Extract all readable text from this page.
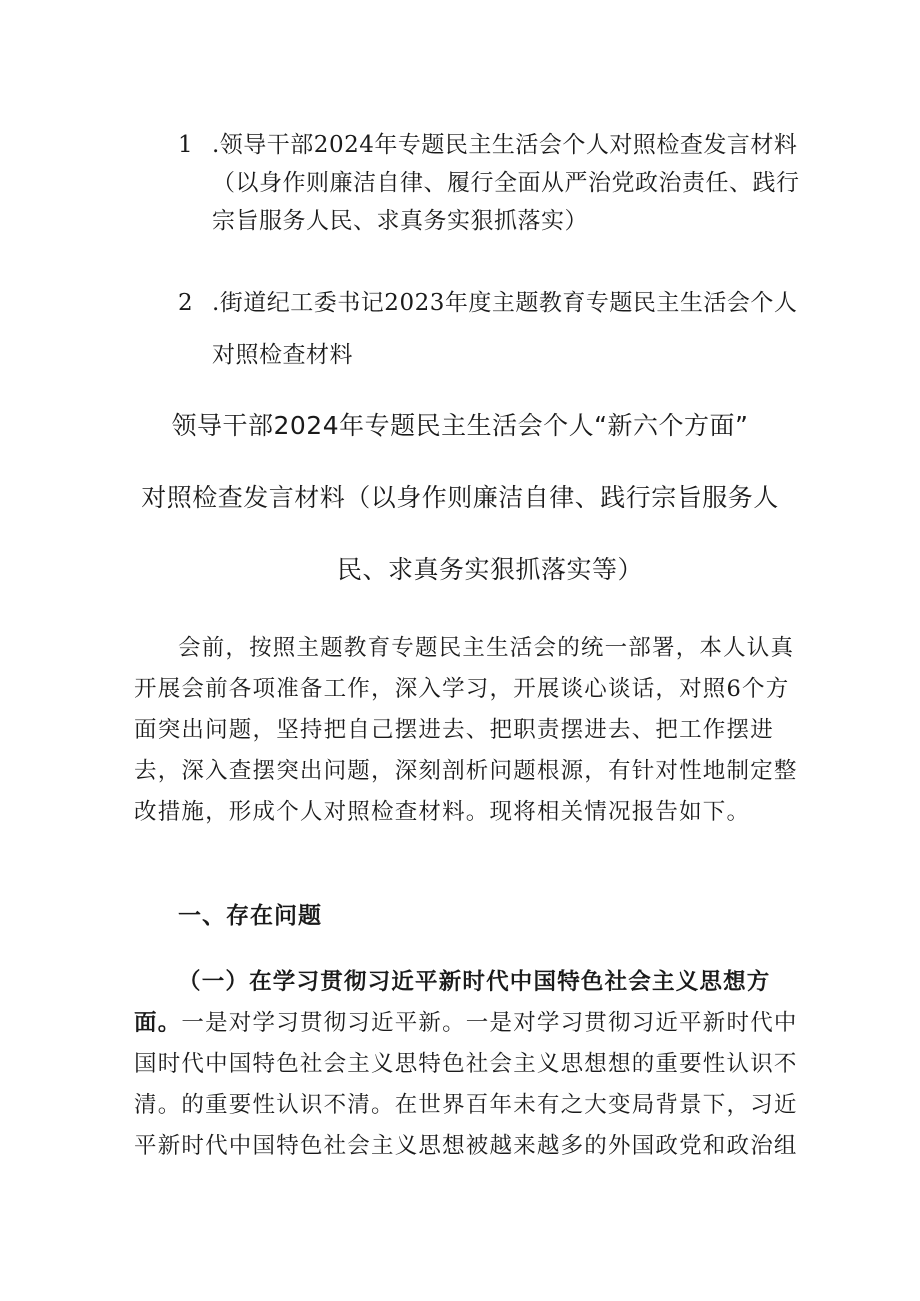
1 .领导干部2024年专题民主生活会个人对照检查发言材料
（以身作则廉洁自律、履行全面从严治党政治责任、践行
宗旨服务人民、求真务实狠抓落实）
2 .街道纪工委书记2023年度主题教育专题民主生活会个人
对照检查材料
领导干部2024年专题民主生活会个人“新六个方面”
对照检查发言材料（以身作则廉洁自律、践行宗旨服务人
民、求真务实狠抓落实等）
会前，按照主题教育专题民主生活会的统一部署，本人认真
开展会前各项准备工作，深入学习，开展谈心谈话，对照6个方
面突出问题，坚持把自己摆进去、把职责摆进去、把工作摆进
去，深入查摆突出问题，深刻剖析问题根源，有针对性地制定整
改措施，形成个人对照检查材料。现将相关情况报告如下。
一、存在问题
（一）在学习贯彻习近平新时代中国特色社会主义思想方
面。一是对学习贯彻习近平新。一是对学习贯彻习近平新时代中
国时代中国特色社会主义思特色社会主义思想想的重要性认识不
清。的重要性认识不清。在世界百年未有之大变局背景下，习近
平新时代中国特色社会主义思想被越来越多的外国政党和政治组
